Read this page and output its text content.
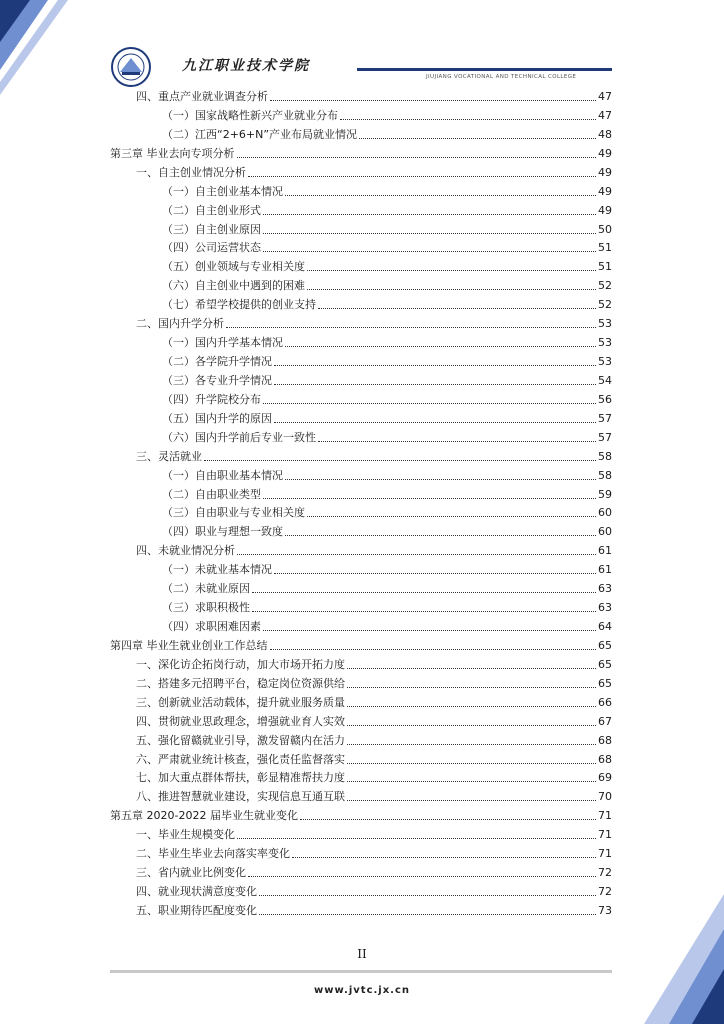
九江职业技术学院
JIUJIANG VOCATIONAL AND TECHNICAL COLLEGE
四、重点产业就业调查分析	47
（一）国家战略性新兴产业就业分布	47
（二）江西“2+6+N”产业布局就业情况	48
第三章 毕业去向专项分析	49
一、自主创业情况分析	49
（一）自主创业基本情况	49
（二）自主创业形式	49
（三）自主创业原因	50
（四）公司运营状态	51
（五）创业领域与专业相关度	51
（六）自主创业中遇到的困难	52
（七）希望学校提供的创业支持	52
二、国内升学分析	53
（一）国内升学基本情况	53
（二）各学院升学情况	53
（三）各专业升学情况	54
（四）升学院校分布	56
（五）国内升学的原因	57
（六）国内升学前后专业一致性	57
三、灵活就业	58
（一）自由职业基本情况	58
（二）自由职业类型	59
（三）自由职业与专业相关度	60
（四）职业与理想一致度	60
四、未就业情况分析	61
（一）未就业基本情况	61
（二）未就业原因	63
（三）求职积极性	63
（四）求职困难因素	64
第四章 毕业生就业创业工作总结	65
一、深化访企拓岗行动，加大市场开拓力度	65
二、搭建多元招聘平台，稳定岗位资源供给	65
三、创新就业活动载体，提升就业服务质量	66
四、贯彻就业思政理念，增强就业育人实效	67
五、强化留赣就业引导，激发留赣内在活力	68
六、严肃就业统计核查，强化责任监督落实	68
七、加大重点群体帮扶，彰显精准帮扶力度	69
八、推进智慧就业建设，实现信息互通互联	70
第五章 2020-2022 届毕业生就业变化	71
一、毕业生规模变化	71
二、毕业生毕业去向落实率变化	71
三、省内就业比例变化	72
四、就业现状满意度变化	72
五、职业期待匹配度变化	73
II
www.jvtc.jx.cn
